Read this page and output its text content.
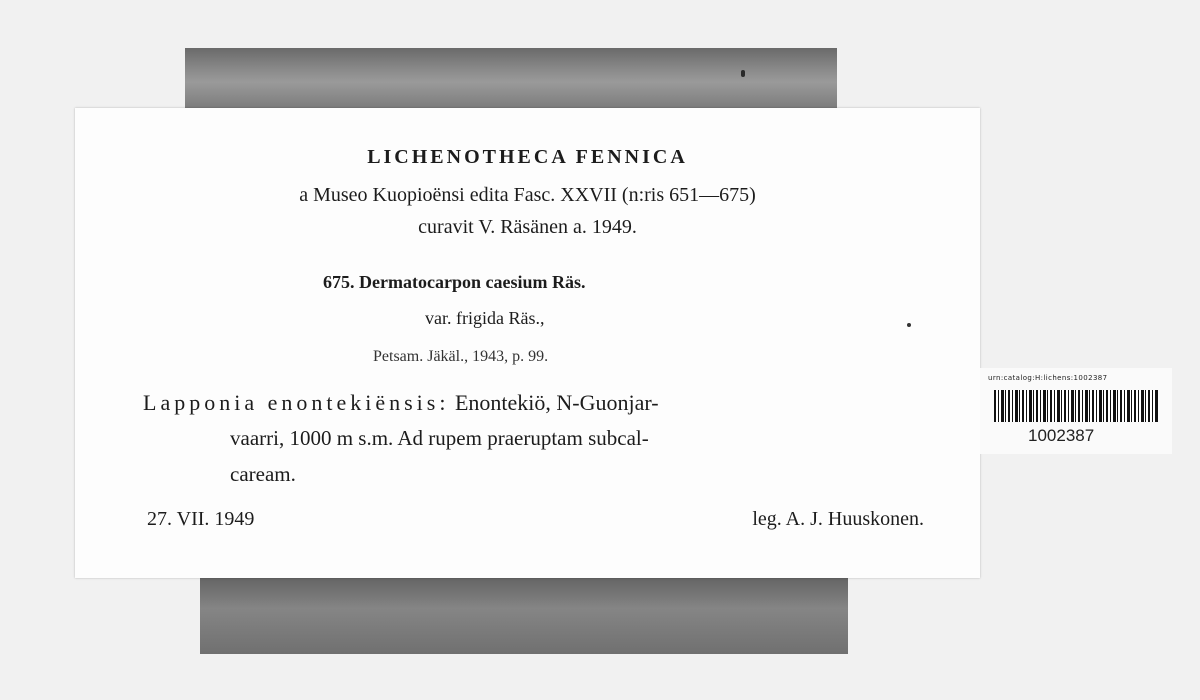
LICHENOTHECA FENNICA
a Museo Kuopioënsi edita Fasc. XXVII (n:ris 651—675)
curavit V. Räsänen a. 1949.
675. Dermatocarpon caesium Räs.
var. frigida Räs.,
Petsam. Jäkäl., 1943, p. 99.
Lapponia enontekiënsis: Enontekiö, N-Guonjar-
vaarri, 1000 m s.m. Ad rupem praeruptam subcal-
caream.
27. VII. 1949	leg. A. J. Huuskonen.
urn:catalog:H:lichens:1002387
1002387
